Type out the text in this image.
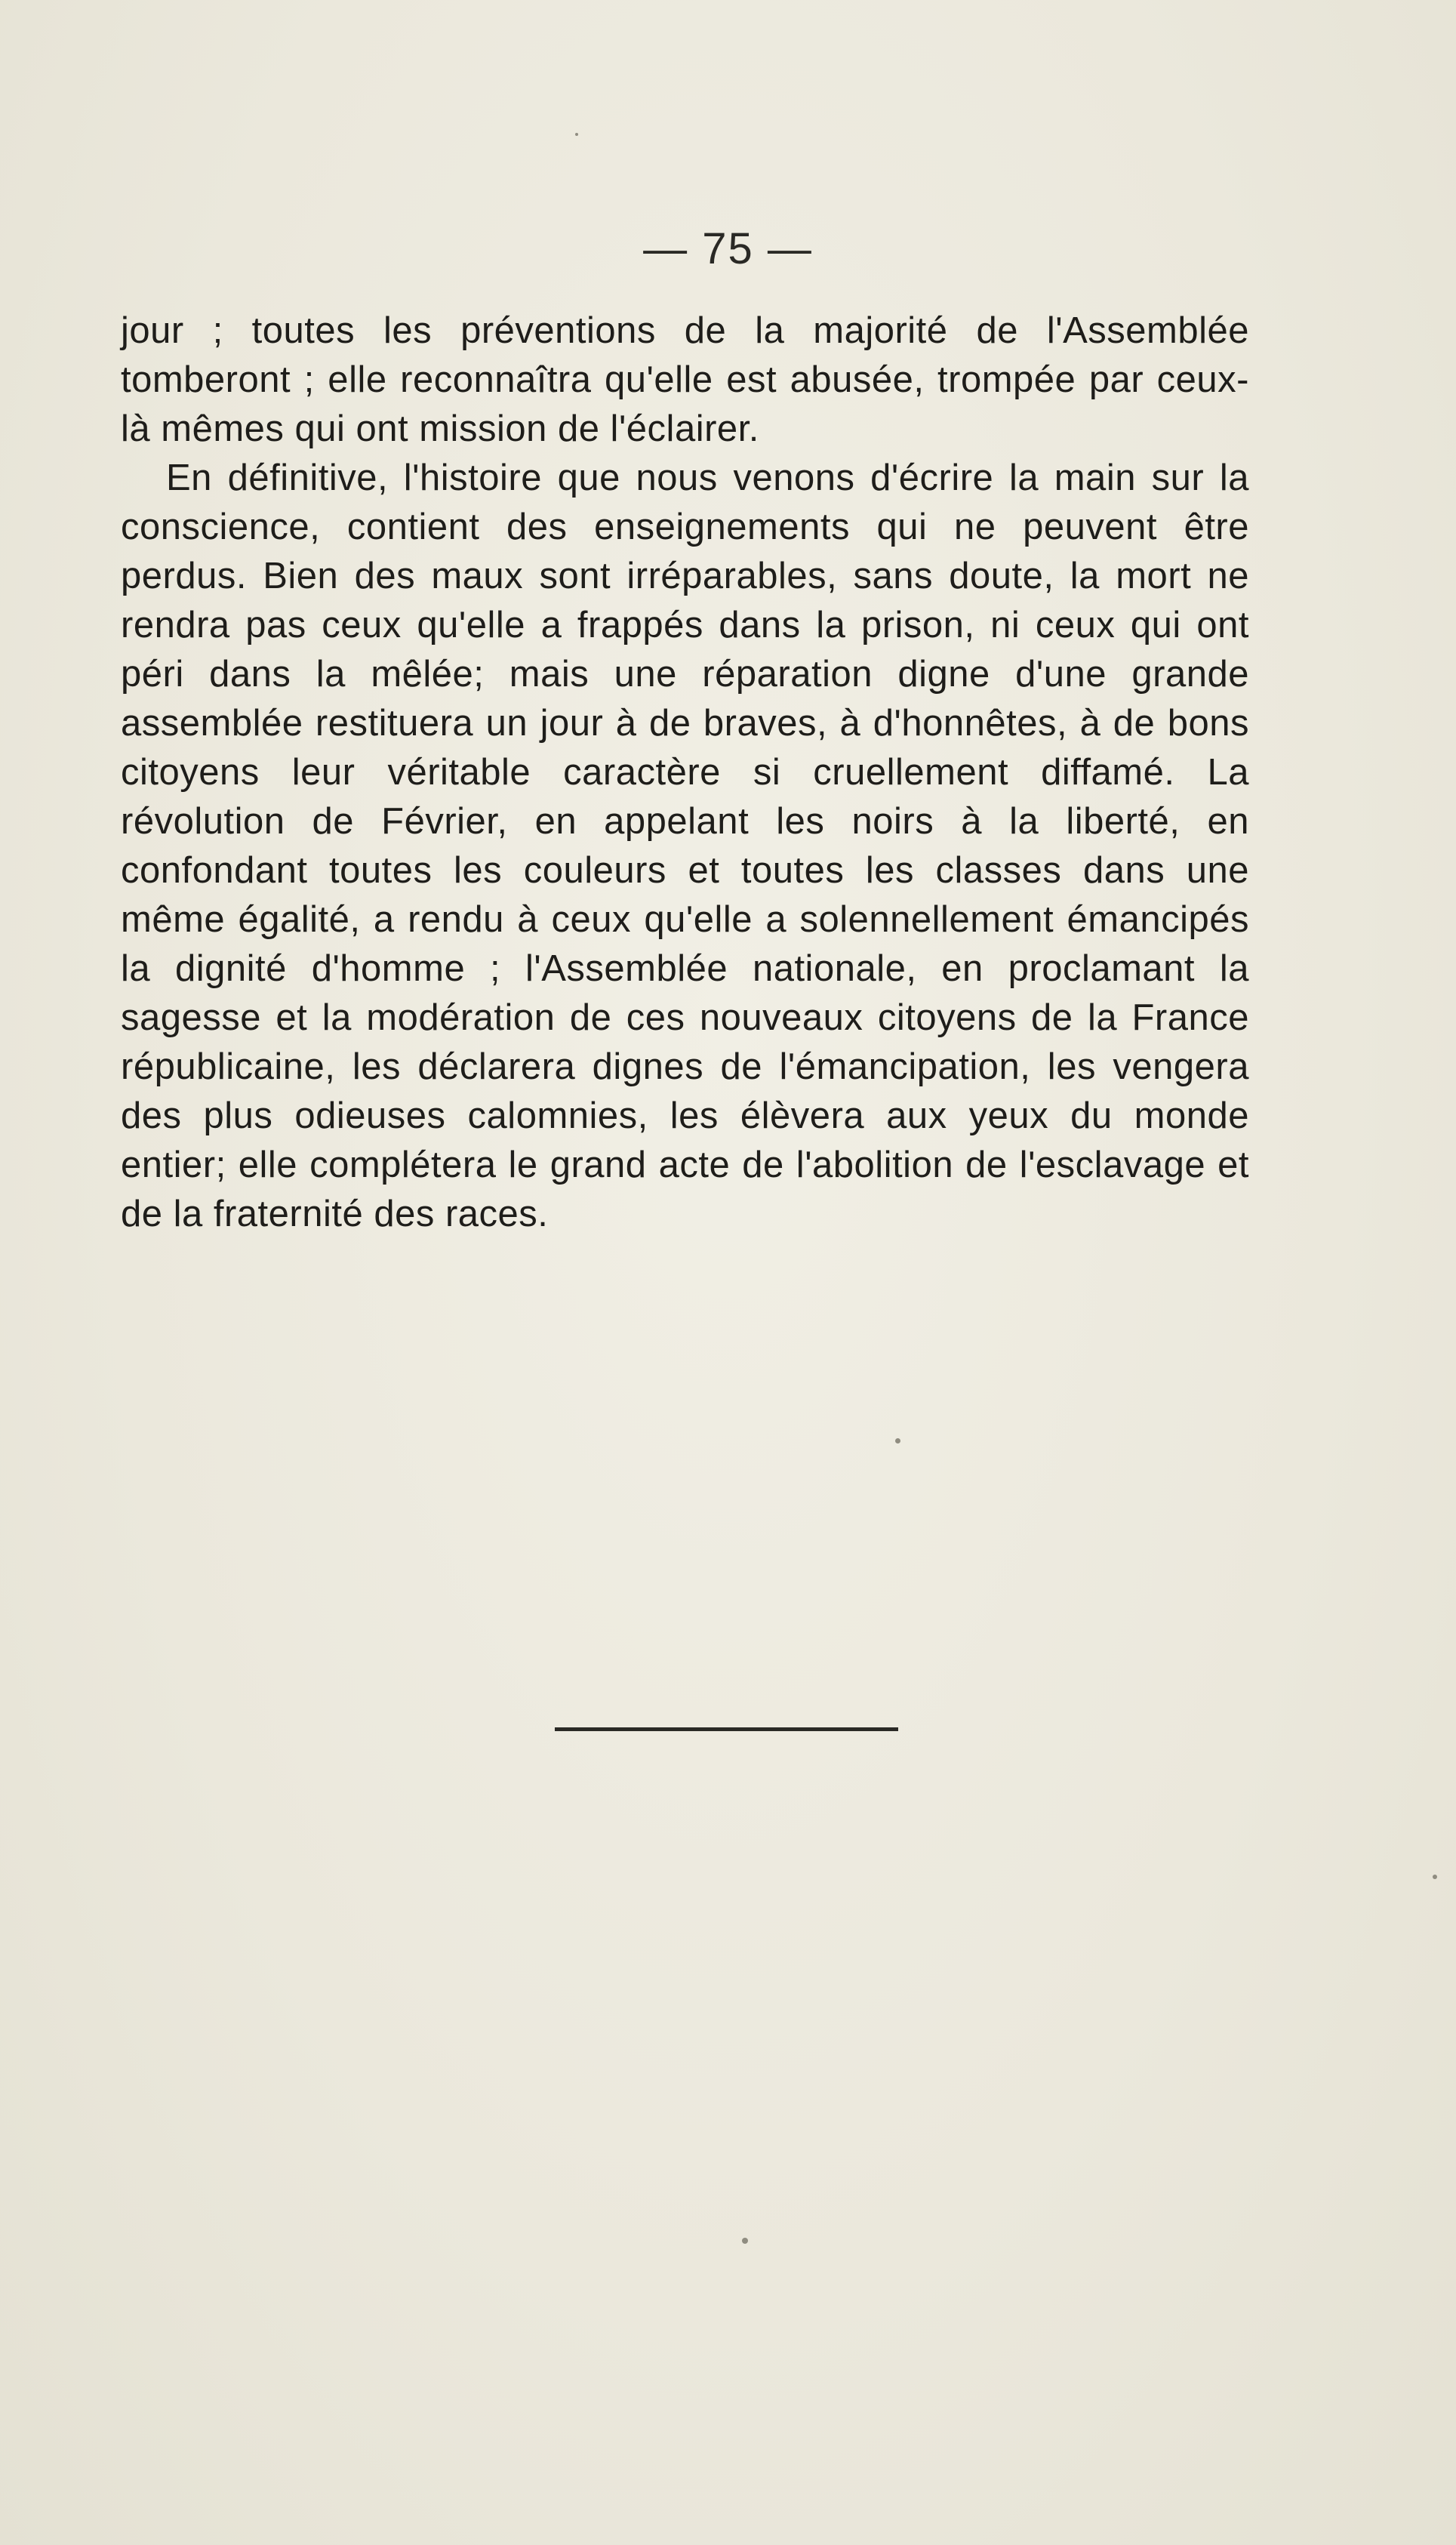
— 75 —

jour ; toutes les préventions de la majorité de l'Assemblée tomberont ; elle reconnaîtra qu'elle est abusée, trompée par ceux-là mêmes qui ont mission de l'éclairer.

En définitive, l'histoire que nous venons d'écrire la main sur la conscience, contient des enseignements qui ne peuvent être perdus. Bien des maux sont irréparables, sans doute, la mort ne rendra pas ceux qu'elle a frappés dans la prison, ni ceux qui ont péri dans la mêlée; mais une réparation digne d'une grande assemblée restituera un jour à de braves, à d'honnêtes, à de bons citoyens leur véritable caractère si cruellement diffamé. La révolution de Février, en appelant les noirs à la liberté, en confondant toutes les couleurs et toutes les classes dans une même égalité, a rendu à ceux qu'elle a solennellement émancipés la dignité d'homme ; l'Assemblée nationale, en proclamant la sagesse et la modération de ces nouveaux citoyens de la France républicaine, les déclarera dignes de l'émancipation, les vengera des plus odieuses calomnies, les élèvera aux yeux du monde entier; elle complétera le grand acte de l'abolition de l'esclavage et de la fraternité des races.
